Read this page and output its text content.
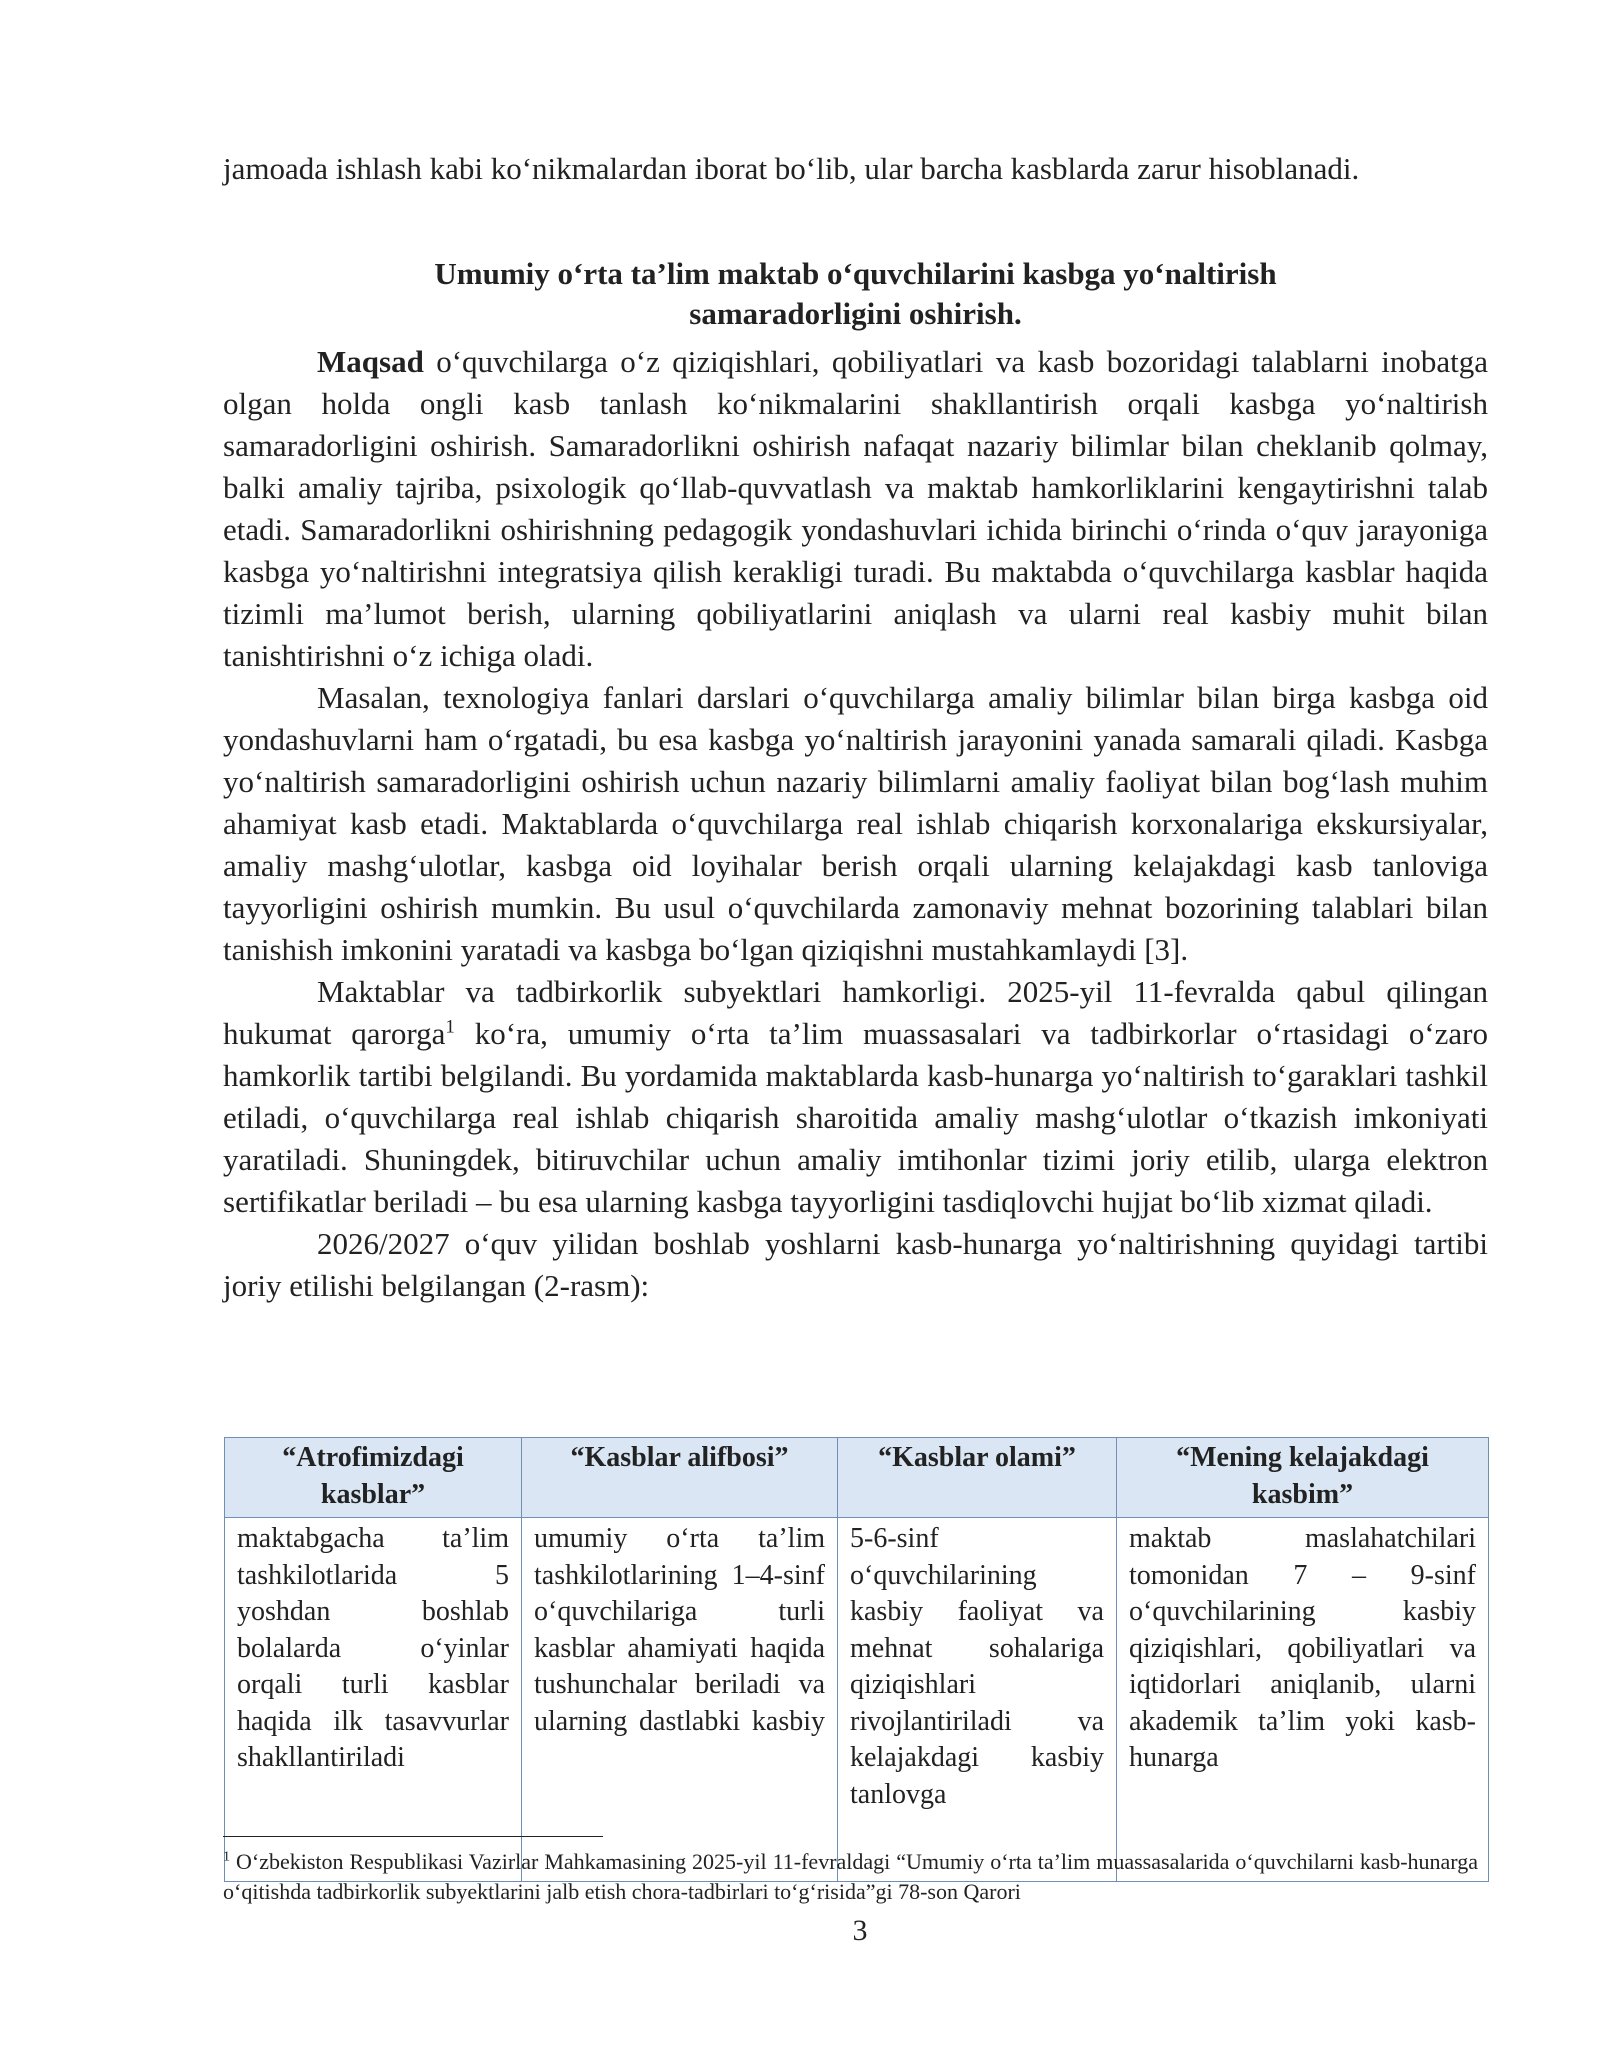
jamoada ishlash kabi ko‘nikmalardan iborat bo‘lib, ular barcha kasblarda zarur hisoblanadi.

Umumiy o‘rta ta’lim maktab o‘quvchilarini kasbga yo‘naltirish
samaradorligini oshirish.

Maqsad o‘quvchilarga o‘z qiziqishlari, qobiliyatlari va kasb bozoridagi talablarni inobatga olgan holda ongli kasb tanlash ko‘nikmalarini shakllantirish orqali kasbga yo‘naltirish samaradorligini oshirish. Samaradorlikni oshirish nafaqat nazariy bilimlar bilan cheklanib qolmay, balki amaliy tajriba, psixologik qo‘llab-quvvatlash va maktab hamkorliklarini kengaytirishni talab etadi. Samaradorlikni oshirishning pedagogik yondashuvlari ichida birinchi o‘rinda o‘quv jarayoniga kasbga yo‘naltirishni integratsiya qilish kerakligi turadi. Bu maktabda o‘quvchilarga kasblar haqida tizimli ma’lumot berish, ularning qobiliyatlarini aniqlash va ularni real kasbiy muhit bilan tanishtirishni o‘z ichiga oladi.

Masalan, texnologiya fanlari darslari o‘quvchilarga amaliy bilimlar bilan birga kasbga oid yondashuvlarni ham o‘rgatadi, bu esa kasbga yo‘naltirish jarayonini yanada samarali qiladi. Kasbga yo‘naltirish samaradorligini oshirish uchun nazariy bilimlarni amaliy faoliyat bilan bog‘lash muhim ahamiyat kasb etadi. Maktablarda o‘quvchilarga real ishlab chiqarish korxonalariga ekskursiyalar, amaliy mashg‘ulotlar, kasbga oid loyihalar berish orqali ularning kelajakdagi kasb tanloviga tayyorligini oshirish mumkin. Bu usul o‘quvchilarda zamonaviy mehnat bozorining talablari bilan tanishish imkonini yaratadi va kasbga bo‘lgan qiziqishni mustahkamlaydi [3].

Maktablar va tadbirkorlik subyektlari hamkorligi. 2025-yil 11-fevralda qabul qilingan hukumat qarorga$^1$ ko‘ra, umumiy o‘rta ta’lim muassasalari va tadbirkorlar o‘rtasidagi o‘zaro hamkorlik tartibi belgilandi. Bu yordamida maktablarda kasb-hunarga yo‘naltirish to‘garaklari tashkil etiladi, o‘quvchilarga real ishlab chiqarish sharoitida amaliy mashg‘ulotlar o‘tkazish imkoniyati yaratiladi. Shuningdek, bitiruvchilar uchun amaliy imtihonlar tizimi joriy etilib, ularga elektron sertifikatlar beriladi – bu esa ularning kasbga tayyorligini tasdiqlovchi hujjat bo‘lib xizmat qiladi.

2026/2027 o‘quv yilidan boshlab yoshlarni kasb-hunarga yo‘naltirishning quyidagi tartibi joriy etilishi belgilangan (2-rasm):

“Atrofimizdagi kasblar”	“Kasblar alifbosi”	“Kasblar olami”	“Mening kelajakdagi kasbim”

maktabgacha ta’lim tashkilotlarida 5 yoshdan boshlab bolalarda o‘yinlar orqali turli kasblar haqida ilk tasavvurlar shakllantiriladi	umumiy o‘rta ta’lim tashkilotlarining 1–4-sinf o‘quvchilariga turli kasblar ahamiyati haqida tushunchalar beriladi va ularning dastlabki kasbiy	5-6-sinf o‘quvchilarining kasbiy faoliyat va mehnat sohalariga qiziqishlari rivojlantiriladi va kelajakdagi kasbiy tanlovga	maktab maslahatchilari tomonidan 7 – 9-sinf o‘quvchilarining kasbiy qiziqishlari, qobiliyatlari va iqtidorlari aniqlanib, ularni akademik ta’lim yoki kasb-hunarga
$^1$ O‘zbekiston Respublikasi Vazirlar Mahkamasining 2025-yil 11-fevraldagi “Umumiy o‘rta ta’lim muassasalarida o‘quvchilarni kasb-hunarga o‘qitishda tadbirkorlik subyektlarini jalb etish chora-tadbirlari to‘g‘risida”gi 78-son Qarori
3
